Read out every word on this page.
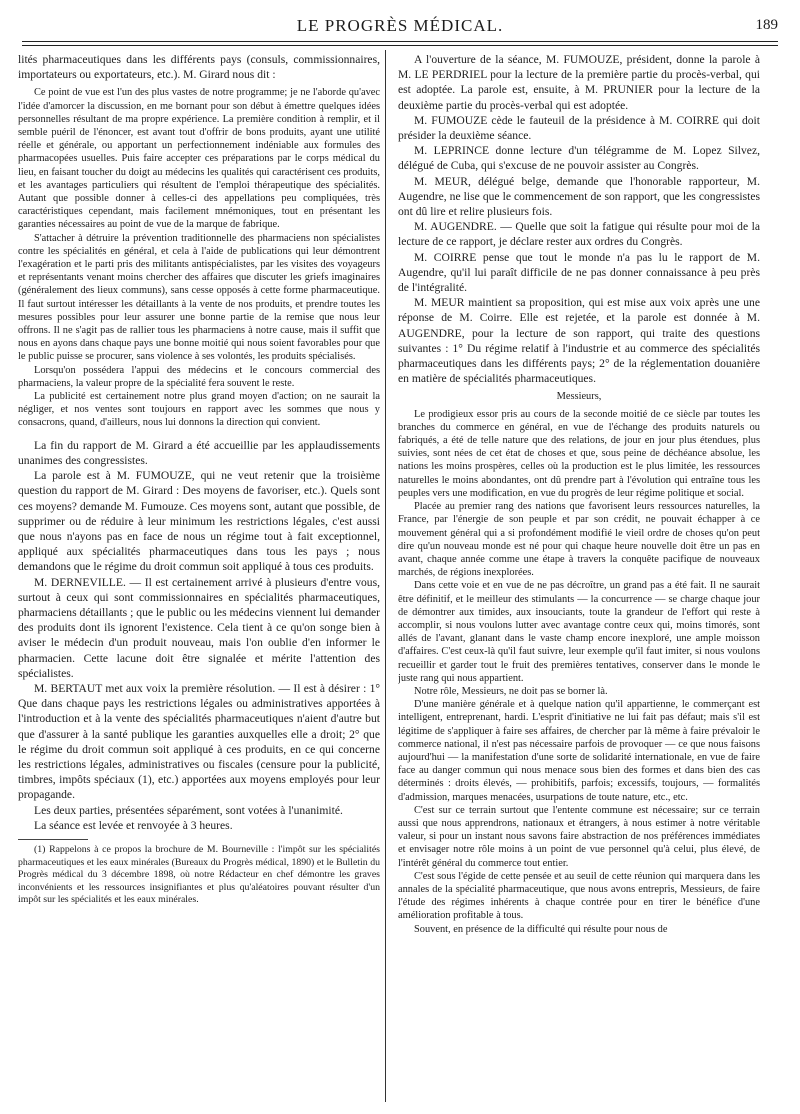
LE PROGRÈS MÉDICAL.	189

lités pharmaceutiques dans les différents pays (consuls, commissionnaires, importateurs ou exportateurs, etc.). M. Girard nous dit :

Ce point de vue est l'un des plus vastes de notre programme; je ne l'aborde qu'avec l'idée d'amorcer la discussion, en me bornant pour son début à émettre quelques idées personnelles résultant de ma propre expérience. La première condition à remplir, et il semble puéril de l'énoncer, est avant tout d'offrir de bons produits, ayant une utilité réelle et générale, ou apportant un perfectionnement indéniable aux formules des pharmacopées usuelles. Puis faire accepter ces préparations par le corps médical du lieu, en faisant toucher du doigt au médecins les qualités qui caractérisent ces produits, et les avantages particuliers qui résultent de l'emploi thérapeutique des spécialités. Autant que possible donner à celles-ci des appellations peu compliquées, très caractéristiques cependant, mais facilement mnémoniques, tout en présentant les garanties nécessaires au point de vue de la marque de fabrique.

S'attacher à détruire la prévention traditionnelle des pharmaciens non spécialistes contre les spécialités en général, et cela à l'aide de publications qui leur démontrent l'exagération et le parti pris des militants antispécialistes, par les visites des voyageurs et représentants venant moins chercher des affaires que discuter les griefs imaginaires (généralement des lieux communs), sans cesse opposés à cette forme pharmaceutique. Il faut surtout intéresser les détaillants à la vente de nos produits, et prendre toutes les mesures possibles pour leur assurer une bonne partie de la remise que nous leur offrons. Il ne s'agit pas de rallier tous les pharmaciens à notre cause, mais il suffit que nous en ayons dans chaque pays une bonne moitié qui nous soient favorables pour que le public puisse se procurer, sans violence à ses volontés, les produits spécialisés.

Lorsqu'on possédera l'appui des médecins et le concours commercial des pharmaciens, la valeur propre de la spécialité fera souvent le reste.

La publicité est certainement notre plus grand moyen d'action; on ne saurait la négliger, et nos ventes sont toujours en rapport avec les sommes que nous y consacrons, quand, d'ailleurs, nous lui donnons la direction qui convient.

La fin du rapport de M. Girard a été accueillie par les applaudissements unanimes des congressistes.

La parole est à M. FUMOUZE, qui ne veut retenir que la troisième question du rapport de M. Girard : Des moyens de favoriser, etc.). Quels sont ces moyens? demande M. Fumouze. Ces moyens sont, autant que possible, de supprimer ou de réduire à leur minimum les restrictions légales, c'est aussi que nous n'ayons pas en face de nous un régime tout à fait exceptionnel, appliqué aux spécialités pharmaceutiques dans tous les pays ; nous demandons que le régime du droit commun soit appliqué à tous ces produits.

M. DERNEVILLE. — Il est certainement arrivé à plusieurs d'entre vous, surtout à ceux qui sont commissionnaires en spécialités pharmaceutiques, pharmaciens détaillants ; que le public ou les médecins viennent lui demander des produits dont ils ignorent l'existence. Cela tient à ce qu'on songe bien à aviser le médecin d'un produit nouveau, mais l'on oublie d'en informer le pharmacien. Cette lacune doit être signalée et mérite l'attention des spécialistes.

M. BERTAUT met aux voix la première résolution. — Il est à désirer : 1° Que dans chaque pays les restrictions légales ou administratives apportées à l'introduction et à la vente des spécialités pharmaceutiques n'aient d'autre but que d'assurer à la santé publique les garanties auxquelles elle a droit; 2° que le régime du droit commun soit appliqué à ces produits, en ce qui concerne les restrictions légales, administratives ou fiscales (censure pour la publicité, timbres, impôts spéciaux (1), etc.) apportées aux moyens employés pour leur propagande.

Les deux parties, présentées séparément, sont votées à l'unanimité.

La séance est levée et renvoyée à 3 heures.

(1) Rappelons à ce propos la brochure de M. Bourneville : l'impôt sur les spécialités pharmaceutiques et les eaux minérales (Bureaux du Progrès médical, 1890) et le Bulletin du Progrès médical du 3 décembre 1898, où notre Rédacteur en chef démontre les graves inconvénients et les ressources insignifiantes et plus qu'aléatoires pouvant résulter d'un impôt sur les spécialités et les eaux minérales.

A l'ouverture de la séance, M. FUMOUZE, président, donne la parole à M. LE PERDRIEL pour la lecture de la première partie du procès-verbal, qui est adoptée. La parole est, ensuite, à M. PRUNIER pour la lecture de la deuxième partie du procès-verbal qui est adoptée.

M. FUMOUZE cède le fauteuil de la présidence à M. COIRRE qui doit présider la deuxième séance.

M. LEPRINCE donne lecture d'un télégramme de M. Lopez Silvez, délégué de Cuba, qui s'excuse de ne pouvoir assister au Congrès.

M. MEUR, délégué belge, demande que l'honorable rapporteur, M. Augendre, ne lise que le commencement de son rapport, que les congressistes ont dû lire et relire plusieurs fois.

M. AUGENDRE. — Quelle que soit la fatigue qui résulte pour moi de la lecture de ce rapport, je déclare rester aux ordres du Congrès.

M. COIRRE pense que tout le monde n'a pas lu le rapport de M. Augendre, qu'il lui paraît difficile de ne pas donner connaissance à peu près de l'intégralité.

M. MEUR maintient sa proposition, qui est mise aux voix après une une réponse de M. Coirre. Elle est rejetée, et la parole est donnée à M. AUGENDRE, pour la lecture de son rapport, qui traite des questions suivantes : 1° Du régime relatif à l'industrie et au commerce des spécialités pharmaceutiques dans les différents pays; 2° de la réglementation douanière en matière de spécialités pharmaceutiques.

Messieurs,

Le prodigieux essor pris au cours de la seconde moitié de ce siècle par toutes les branches du commerce en général, en vue de l'échange des produits naturels ou fabriqués, a été de telle nature que des relations, de jour en jour plus étendues, plus suivies, sont nées de cet état de choses et que, sous peine de déchéance absolue, les nations les moins prospères, celles où la production est le plus limitée, les ressources naturelles le moins abondantes, ont dû prendre part à l'évolution qui entraîne tous les peuples vers une modification, en vue du progrès de leur régime politique et social.

Placée au premier rang des nations que favorisent leurs ressources naturelles, la France, par l'énergie de son peuple et par son crédit, ne pouvait échapper à ce mouvement général qui a si profondément modifié le vieil ordre de choses qu'on peut dire qu'un nouveau monde est né pour qui chaque heure nouvelle doit être un pas en avant, chaque année comme une étape à travers la conquête pacifique de nouveaux marchés, de régions inexplorées.

Dans cette voie et en vue de ne pas décroître, un grand pas a été fait. Il ne saurait être définitif, et le meilleur des stimulants — la concurrence — se charge chaque jour de démontrer aux timides, aux insouciants, toute la grandeur de l'effort qui reste à accomplir, si nous voulons lutter avec avantage contre ceux qui, moins timorés, sont allés de l'avant, glanant dans le vaste champ encore inexploré, une ample moisson d'affaires. C'est ceux-là qu'il faut suivre, leur exemple qu'il faut imiter, si nous voulons recueillir et garder tout le fruit des premières tentatives, conserver dans le monde le juste rang qui nous appartient.

Notre rôle, Messieurs, ne doit pas se borner là.

D'une manière générale et à quelque nation qu'il appartienne, le commerçant est intelligent, entreprenant, hardi. L'esprit d'initiative ne lui fait pas défaut; mais s'il est légitime de s'appliquer à faire ses affaires, de chercher par là même à faire prévaloir le commerce national, il n'est pas nécessaire parfois de provoquer — ce que nous faisons aujourd'hui — la manifestation d'une sorte de solidarité internationale, en vue de faire face au danger commun qui nous menace sous bien des formes et dans bien des cas déterminés : droits élevés, — prohibitifs, parfois; excessifs, toujours, — formalités d'admission, marques menacées, usurpations de toute nature, etc., etc.

C'est sur ce terrain surtout que l'entente commune est nécessaire; sur ce terrain aussi que nous apprendrons, nationaux et étrangers, à nous estimer à notre véritable valeur, si pour un instant nous savons faire abstraction de nos préférences immédiates et envisager notre rôle moins à un point de vue personnel qu'à celui, plus élevé, de l'intérêt général du commerce tout entier.

C'est sous l'égide de cette pensée et au seuil de cette réunion qui marquera dans les annales de la spécialité pharmaceutique, que nous avons entrepris, Messieurs, de faire l'étude des régimes inhérents à chaque contrée pour en tirer le bénéfice d'une amélioration profitable à tous.

Souvent, en présence de la difficulté qui résulte pour nous de
